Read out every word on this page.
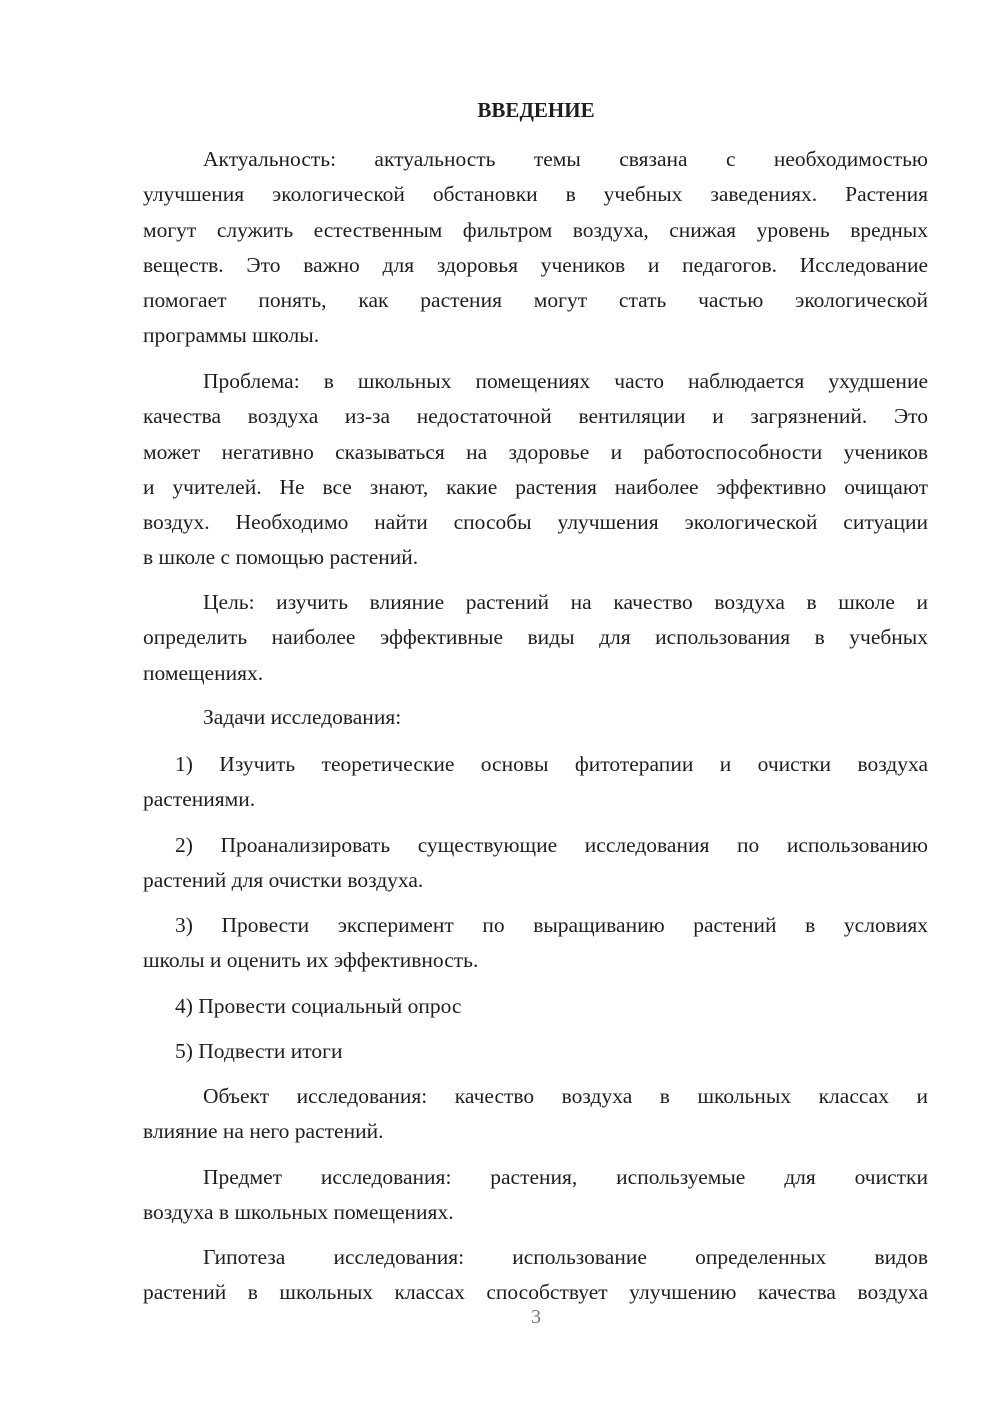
ВВЕДЕНИЕ
Актуальность: актуальность темы связана с необходимостью
улучшения экологической обстановки в учебных заведениях. Растения
могут служить естественным фильтром воздуха, снижая уровень вредных
веществ. Это важно для здоровья учеников и педагогов. Исследование
помогает понять, как растения могут стать частью экологической
программы школы.
Проблема: в школьных помещениях часто наблюдается ухудшение
качества воздуха из-за недостаточной вентиляции и загрязнений. Это
может негативно сказываться на здоровье и работоспособности учеников
и учителей. Не все знают, какие растения наиболее эффективно очищают
воздух. Необходимо найти способы улучшения экологической ситуации
в школе с помощью растений.
Цель: изучить влияние растений на качество воздуха в школе и
определить наиболее эффективные виды для использования в учебных
помещениях.
Задачи исследования:
1) Изучить теоретические основы фитотерапии и очистки воздуха
растениями.
2) Проанализировать существующие исследования по использованию
растений для очистки воздуха.
3) Провести эксперимент по выращиванию растений в условиях
школы и оценить их эффективность.
4) Провести социальный опрос
5) Подвести итоги
Объект исследования: качество воздуха в школьных классах и
влияние на него растений.
Предмет исследования: растения, используемые для очистки
воздуха в школьных помещениях.
Гипотеза исследования: использование определенных видов
растений в школьных классах способствует улучшению качества воздуха
3
